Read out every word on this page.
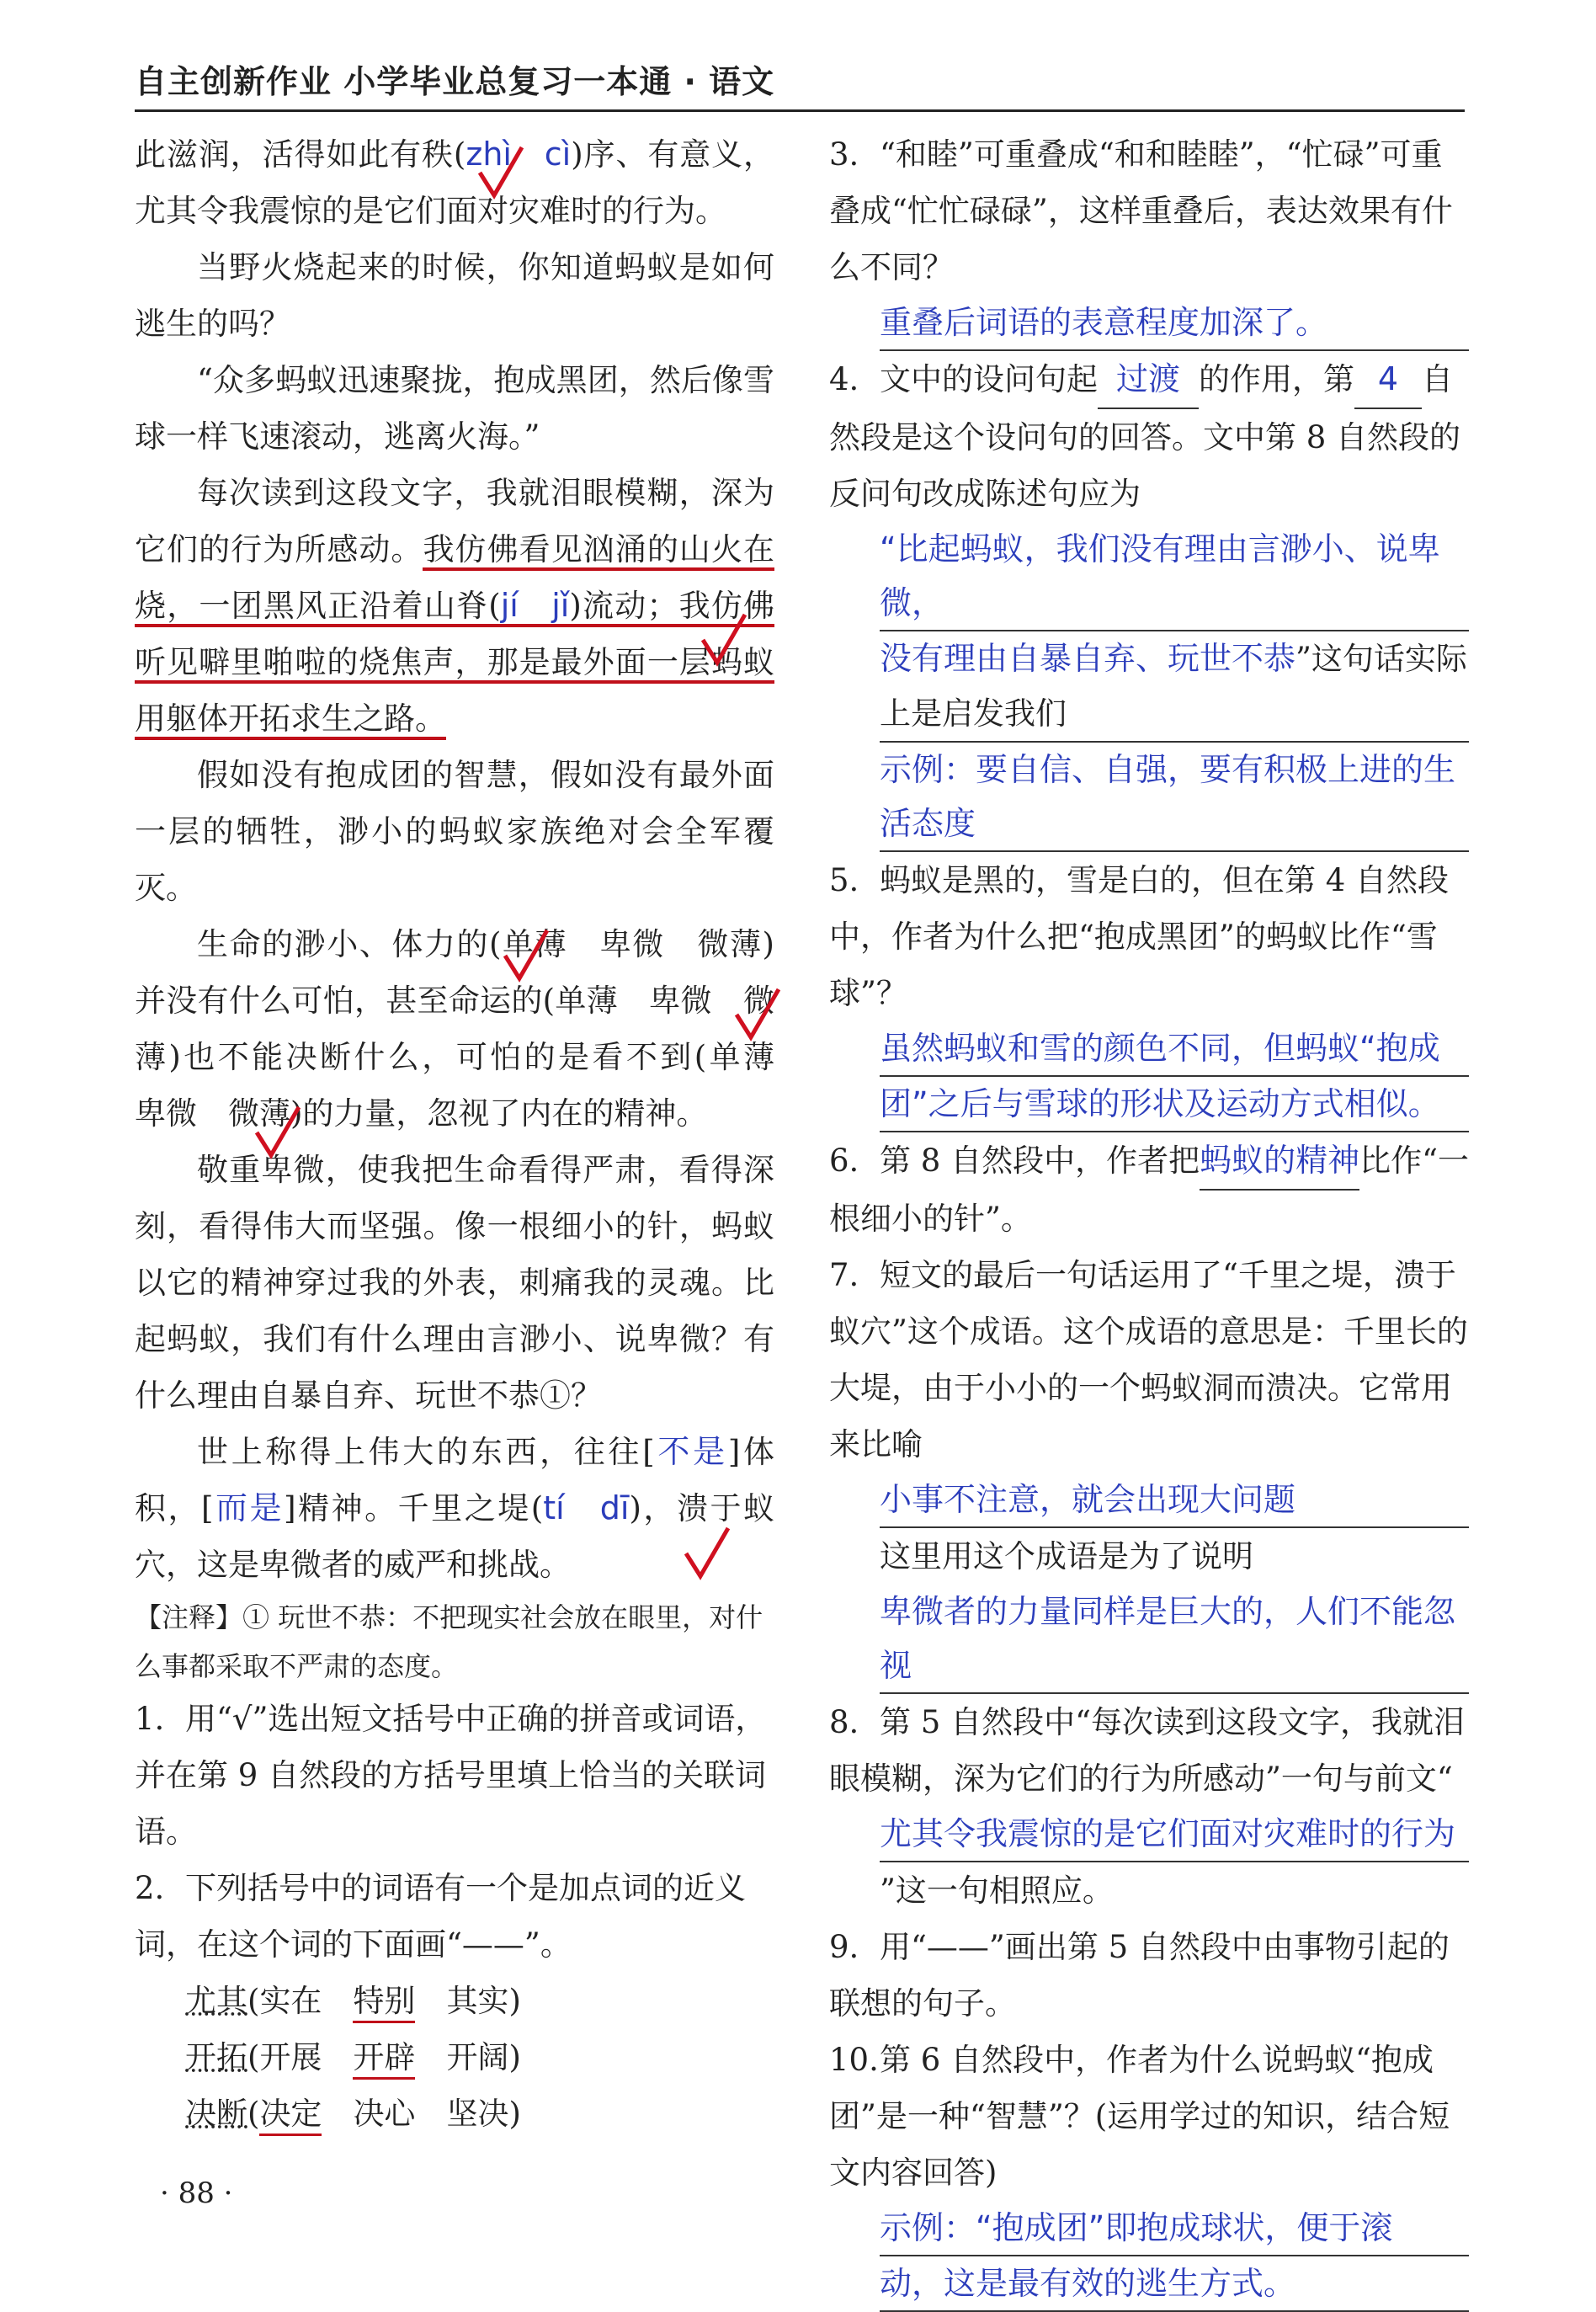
自主创新作业 小学毕业总复习一本通 · 语文

此滋润，活得如此有秩(zhì　 cì)序、有意义，尤其令我震惊的是它们面对灾难时的行为。

当野火烧起来的时候，你知道蚂蚁是如何逃生的吗？

“众多蚂蚁迅速聚拢，抱成黑团，然后像雪球一样飞速滚动，逃离火海。”

每次读到这段文字，我就泪眼模糊，深为它们的行为所感动。我仿佛看见汹涌的山火在烧，一团黑风正沿着山脊(jí　 jǐ)流动；我仿佛听见噼里啪啦的烧焦声，那是最外面一层蚂蚁用躯体开拓求生之路。

假如没有抱成团的智慧，假如没有最外面一层的牺牲，渺小的蚂蚁家族绝对会全军覆灭。

生命的渺小、体力的(单薄　卑微　微薄)并没有什么可怕，甚至命运的(单薄　卑微　微薄)也不能决断什么，可怕的是看不到(单薄　卑微　微薄)的力量，忽视了内在的精神。

敬重卑微，使我把生命看得严肃，看得深刻，看得伟大而坚强。像一根细小的针，蚂蚁以它的精神穿过我的外表，刺痛我的灵魂。比起蚂蚁，我们有什么理由言渺小、说卑微？有什么理由自暴自弃、玩世不恭①？

世上称得上伟大的东西，往往[不是]体积，[而是]精神。千里之堤(tí　 dī)，溃于蚁穴，这是卑微者的威严和挑战。

【注释】① 玩世不恭：不把现实社会放在眼里，对什么事都采取不严肃的态度。

1. 用“√”选出短文括号中正确的拼音或词语，并在第 9 自然段的方括号里填上恰当的关联词语。

2. 下列括号中的词语有一个是加点词的近义词，在这个词的下面画“——”。

尤其(实在　 特别　 其实)

开拓(开展　 开辟　 开阔)

决断(决定　 决心　 坚决)

· 88 ·

3. “和睦”可重叠成“和和睦睦”，“忙碌”可重叠成“忙忙碌碌”，这样重叠后，表达效果有什么不同？

重叠后词语的表意程度加深了。

4. 文中的设问句起 过渡 的作用，第 4 自然段是这个设问句的回答。文中第 8 自然段的反问句改成陈述句应为

“比起蚂蚁，我们没有理由言渺小、说卑微，
没有理由自暴自弃、玩世不恭”这句话实际上是启发我们
示例：要自信、自强，要有积极上进的生活态度

5. 蚂蚁是黑的，雪是白的，但在第 4 自然段中，作者为什么把“抱成黑团”的蚂蚁比作“雪球”？

虽然蚂蚁和雪的颜色不同，但蚂蚁“抱成
团”之后与雪球的形状及运动方式相似。

6. 第 8 自然段中，作者把蚂蚁的精神比作“一根细小的针”。

7. 短文的最后一句话运用了“千里之堤，溃于蚁穴”这个成语。这个成语的意思是：千里长的大堤，由于小小的一个蚂蚁洞而溃决。它常用来比喻

小事不注意，就会出现大问题

这里用这个成语是为了说明

卑微者的力量同样是巨大的，人们不能忽视

8. 第 5 自然段中“每次读到这段文字，我就泪眼模糊，深为它们的行为所感动”一句与前文“

尤其令我震惊的是它们面对灾难时的行为

”这一句相照应。

9. 用“——”画出第 5 自然段中由事物引起的联想的句子。

10.第 6 自然段中，作者为什么说蚂蚁“抱成团”是一种“智慧”？(运用学过的知识，结合短文内容回答)

示例：“抱成团”即抱成球状，便于滚
动，这是最有效的逃生方式。
